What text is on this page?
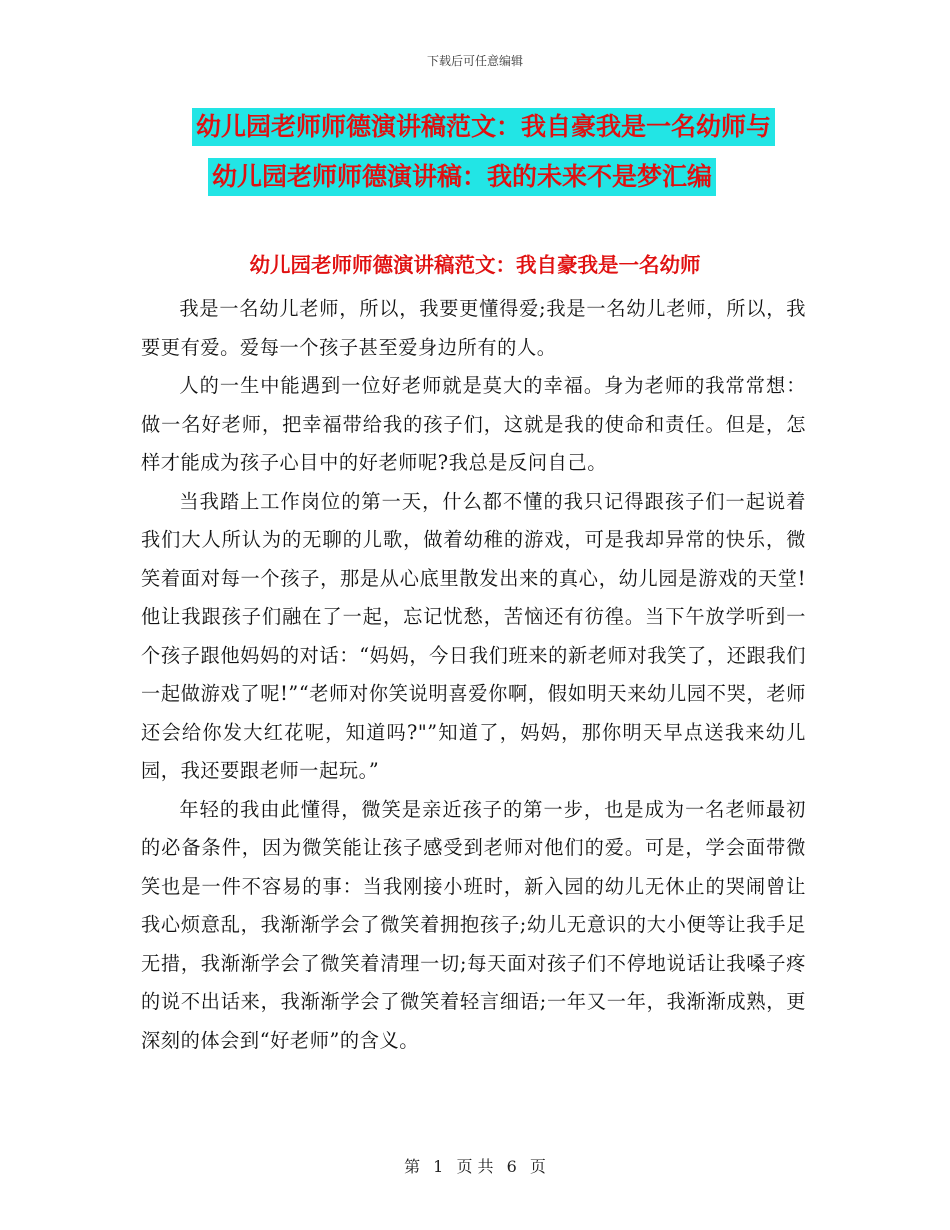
下载后可任意编辑
幼儿园老师师德演讲稿范文：我自豪我是一名幼师与
幼儿园老师师德演讲稿：我的未来不是梦汇编
幼儿园老师师德演讲稿范文：我自豪我是一名幼师

我是一名幼儿老师，所以，我要更懂得爱;我是一名幼儿老师，所以，我要更有爱。爱每一个孩子甚至爱身边所有的人。

人的一生中能遇到一位好老师就是莫大的幸福。身为老师的我常常想：做一名好老师，把幸福带给我的孩子们，这就是我的使命和责任。但是，怎样才能成为孩子心目中的好老师呢?我总是反问自己。

当我踏上工作岗位的第一天，什么都不懂的我只记得跟孩子们一起说着我们大人所认为的无聊的儿歌，做着幼稚的游戏，可是我却异常的快乐，微笑着面对每一个孩子，那是从心底里散发出来的真心，幼儿园是游戏的天堂!他让我跟孩子们融在了一起，忘记忧愁，苦恼还有彷徨。当下午放学听到一个孩子跟他妈妈的对话：“妈妈，今日我们班来的新老师对我笑了，还跟我们一起做游戏了呢!”“老师对你笑说明喜爱你啊，假如明天来幼儿园不哭，老师还会给你发大红花呢，知道吗?"”知道了，妈妈，那你明天早点送我来幼儿园，我还要跟老师一起玩。”

年轻的我由此懂得，微笑是亲近孩子的第一步，也是成为一名老师最初的必备条件，因为微笑能让孩子感受到老师对他们的爱。可是，学会面带微笑也是一件不容易的事：当我刚接小班时，新入园的幼儿无休止的哭闹曾让我心烦意乱，我渐渐学会了微笑着拥抱孩子;幼儿无意识的大小便等让我手足无措，我渐渐学会了微笑着清理一切;每天面对孩子们不停地说话让我嗓子疼的说不出话来，我渐渐学会了微笑着轻言细语;一年又一年，我渐渐成熟，更深刻的体会到“好老师”的含义。

第 1 页 共 6 页
